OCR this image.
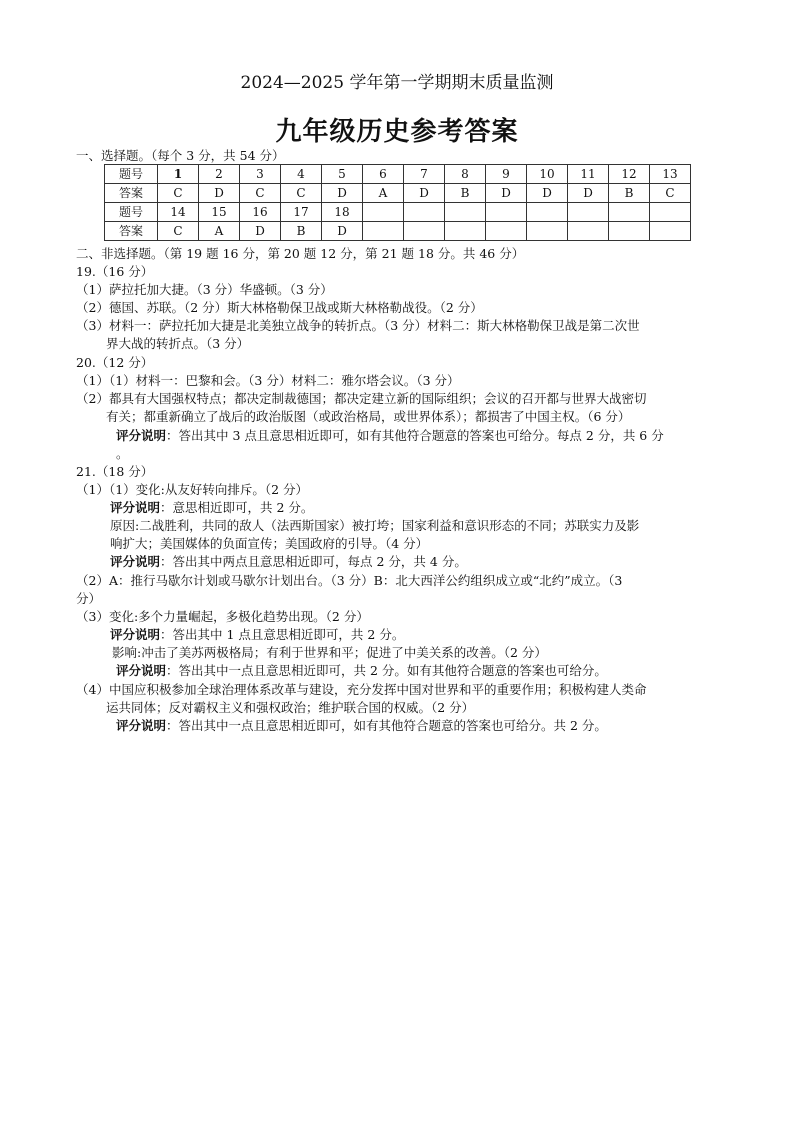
2024—2025 学年第一学期期末质量监测
九年级历史参考答案
一、选择题。（每个 3 分，共 54 分）
题号	1	2	3	4	5	6	7	8	9	10	11	12	13
答案	C	D	C	C	D	A	D	B	D	D	D	B	C
题号	14	15	16	17	18								
答案	C	A	D	B	D								
二、非选择题。（第 19 题 16 分，第 20 题 12 分，第 21 题 18 分。共 46 分）
19.（16 分）
（1）萨拉托加大捷。（3 分）华盛顿。（3 分）
（2）德国、苏联。（2 分）斯大林格勒保卫战或斯大林格勒战役。（2 分）
（3）材料一：萨拉托加大捷是北美独立战争的转折点。（3 分）材料二：斯大林格勒保卫战是第二次世
界大战的转折点。（3 分）
20.（12 分）
（1）（1）材料一：巴黎和会。（3 分）材料二：雅尔塔会议。（3 分）
（2）都具有大国强权特点；都决定制裁德国；都决定建立新的国际组织；会议的召开都与世界大战密切
有关；都重新确立了战后的政治版图（或政治格局，或世界体系）；都损害了中国主权。（6 分）
评分说明：答出其中 3 点且意思相近即可，如有其他符合题意的答案也可给分。每点 2 分，共 6 分
。
21.（18 分）
（1）（1）变化:从友好转向排斥。（2 分）
评分说明：意思相近即可，共 2 分。
原因:二战胜利，共同的敌人（法西斯国家）被打垮；国家利益和意识形态的不同；苏联实力及影
响扩大；美国媒体的负面宣传；美国政府的引导。（4 分）
评分说明：答出其中两点且意思相近即可，每点 2 分，共 4 分。
（2）A：推行马歇尔计划或马歇尔计划出台。（3 分）B：北大西洋公约组织成立或“北约”成立。（3
分）
（3）变化:多个力量崛起，多极化趋势出现。（2 分）
评分说明：答出其中 1 点且意思相近即可，共 2 分。
影响:冲击了美苏两极格局；有利于世界和平；促进了中美关系的改善。（2 分）
评分说明：答出其中一点且意思相近即可，共 2 分。如有其他符合题意的答案也可给分。
（4）中国应积极参加全球治理体系改革与建设，充分发挥中国对世界和平的重要作用；积极构建人类命
运共同体；反对霸权主义和强权政治；维护联合国的权威。（2 分）
评分说明：答出其中一点且意思相近即可，如有其他符合题意的答案也可给分。共 2 分。
